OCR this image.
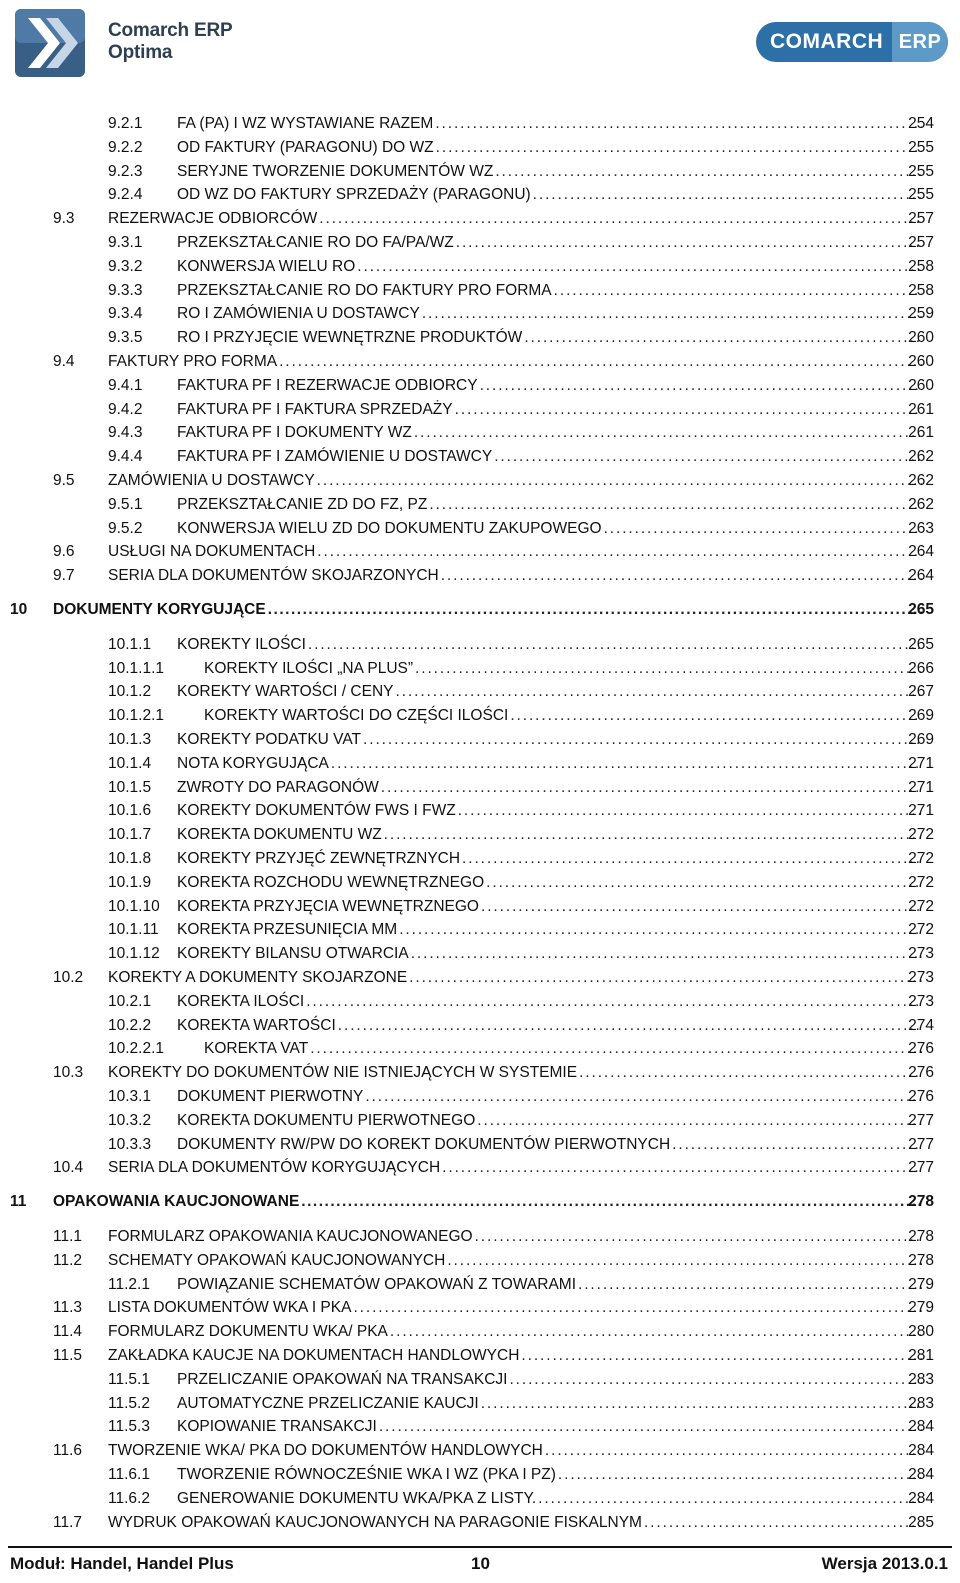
Comarch ERP
Optima	COMARCH ERP
9.2.1 FA (PA) I WZ WYSTAWIANE RAZEM . . .	254
9.2.2 OD FAKTURY (PARAGONU) DO WZ . . .	255
9.2.3 SERYJNE TWORZENIE DOKUMENTÓW WZ . . .	255
9.2.4 OD WZ DO FAKTURY SPRZEDAŻY (PARAGONU) . . .	255
9.3 REZERWACJE ODBIORCÓW . . .	257
9.3.1 PRZEKSZTAŁCANIE RO DO FA/PA/WZ . . .	257
9.3.2 KONWERSJA WIELU RO . . .	258
9.3.3 PRZEKSZTAŁCANIE RO DO FAKTURY PRO FORMA . . .	258
9.3.4 RO I ZAMÓWIENIA U DOSTAWCY . . .	259
9.3.5 RO I PRZYJĘCIE WEWNĘTRZNE PRODUKTÓW . . .	260
9.4 FAKTURY PRO FORMA . . .	260
9.4.1 FAKTURA PF I REZERWACJE ODBIORCY . . .	260
9.4.2 FAKTURA PF I FAKTURA SPRZEDAŻY . . .	261
9.4.3 FAKTURA PF I DOKUMENTY WZ . . .	261
9.4.4 FAKTURA PF I ZAMÓWIENIE U DOSTAWCY . . .	262
9.5 ZAMÓWIENIA U DOSTAWCY . . .	262
9.5.1 PRZEKSZTAŁCANIE ZD DO FZ, PZ . . .	262
9.5.2 KONWERSJA WIELU ZD DO DOKUMENTU ZAKUPOWEGO . . .	263
9.6 USŁUGI NA DOKUMENTACH . . .	264
9.7 SERIA DLA DOKUMENTÓW SKOJARZONYCH . . .	264
10 DOKUMENTY KORYGUJĄCE . . .	265
10.1.1 KOREKTY ILOŚCI . . .	265
10.1.1.1	KOREKTY ILOŚCI „NA PLUS” . . .	266
10.1.2 KOREKTY WARTOŚCI / CENY . . .	267
10.1.2.1	KOREKTY WARTOŚCI DO CZĘŚCI ILOŚCI . . .	269
10.1.3 KOREKTY PODATKU VAT . . .	269
10.1.4 NOTA KORYGUJĄCA . . .	271
10.1.5 ZWROTY DO PARAGONÓW . . .	271
10.1.6 KOREKTY DOKUMENTÓW FWS I FWZ . . .	271
10.1.7 KOREKTA DOKUMENTU WZ . . .	272
10.1.8 KOREKTY PRZYJĘĆ ZEWNĘTRZNYCH . . .	272
10.1.9 KOREKTA ROZCHODU WEWNĘTRZNEGO . . .	272
10.1.10 KOREKTA PRZYJĘCIA WEWNĘTRZNEGO . . .	272
10.1.11 KOREKTA PRZESUNIĘCIA MM . . .	272
10.1.12 KOREKTY BILANSU OTWARCIA . . .	273
10.2 KOREKTY A DOKUMENTY SKOJARZONE . . .	273
10.2.1 KOREKTA ILOŚCI . . .	273
10.2.2 KOREKTA WARTOŚCI . . .	274
10.2.2.1	KOREKTA VAT . . .	276
10.3 KOREKTY DO DOKUMENTÓW NIE ISTNIEJĄCYCH W SYSTEMIE . . .	276
10.3.1 DOKUMENT PIERWOTNY . . .	276
10.3.2 KOREKTA DOKUMENTU PIERWOTNEGO . . .	277
10.3.3 DOKUMENTY RW/PW DO KOREKT DOKUMENTÓW PIERWOTNYCH . . .	277
10.4 SERIA DLA DOKUMENTÓW KORYGUJĄCYCH . . .	277
11 OPAKOWANIA KAUCJONOWANE . . .	278
11.1 FORMULARZ OPAKOWANIA KAUCJONOWANEGO . . .	278
11.2 SCHEMATY OPAKOWAŃ KAUCJONOWANYCH . . .	278
11.2.1 POWIĄZANIE SCHEMATÓW OPAKOWAŃ Z TOWARAMI . . .	279
11.3 LISTA DOKUMENTÓW WKA I PKA . . .	279
11.4 FORMULARZ DOKUMENTU WKA/ PKA . . .	280
11.5 ZAKŁADKA KAUCJE NA DOKUMENTACH HANDLOWYCH . . .	281
11.5.1 PRZELICZANIE OPAKOWAŃ NA TRANSAKCJI . . .	283
11.5.2 AUTOMATYCZNE PRZELICZANIE KAUCJI . . .	283
11.5.3 KOPIOWANIE TRANSAKCJI . . .	284
11.6 TWORZENIE WKA/ PKA DO DOKUMENTÓW HANDLOWYCH . . .	284
11.6.1 TWORZENIE RÓWNOCZEŚNIE WKA I WZ (PKA I PZ) . . .	284
11.6.2 GENEROWANIE DOKUMENTU WKA/PKA Z LISTY. . . .	284
11.7 WYDRUK OPAKOWAŃ KAUCJONOWANYCH NA PARAGONIE FISKALNYM . . .	285
Moduł: Handel, Handel Plus	10	Wersja 2013.0.1
